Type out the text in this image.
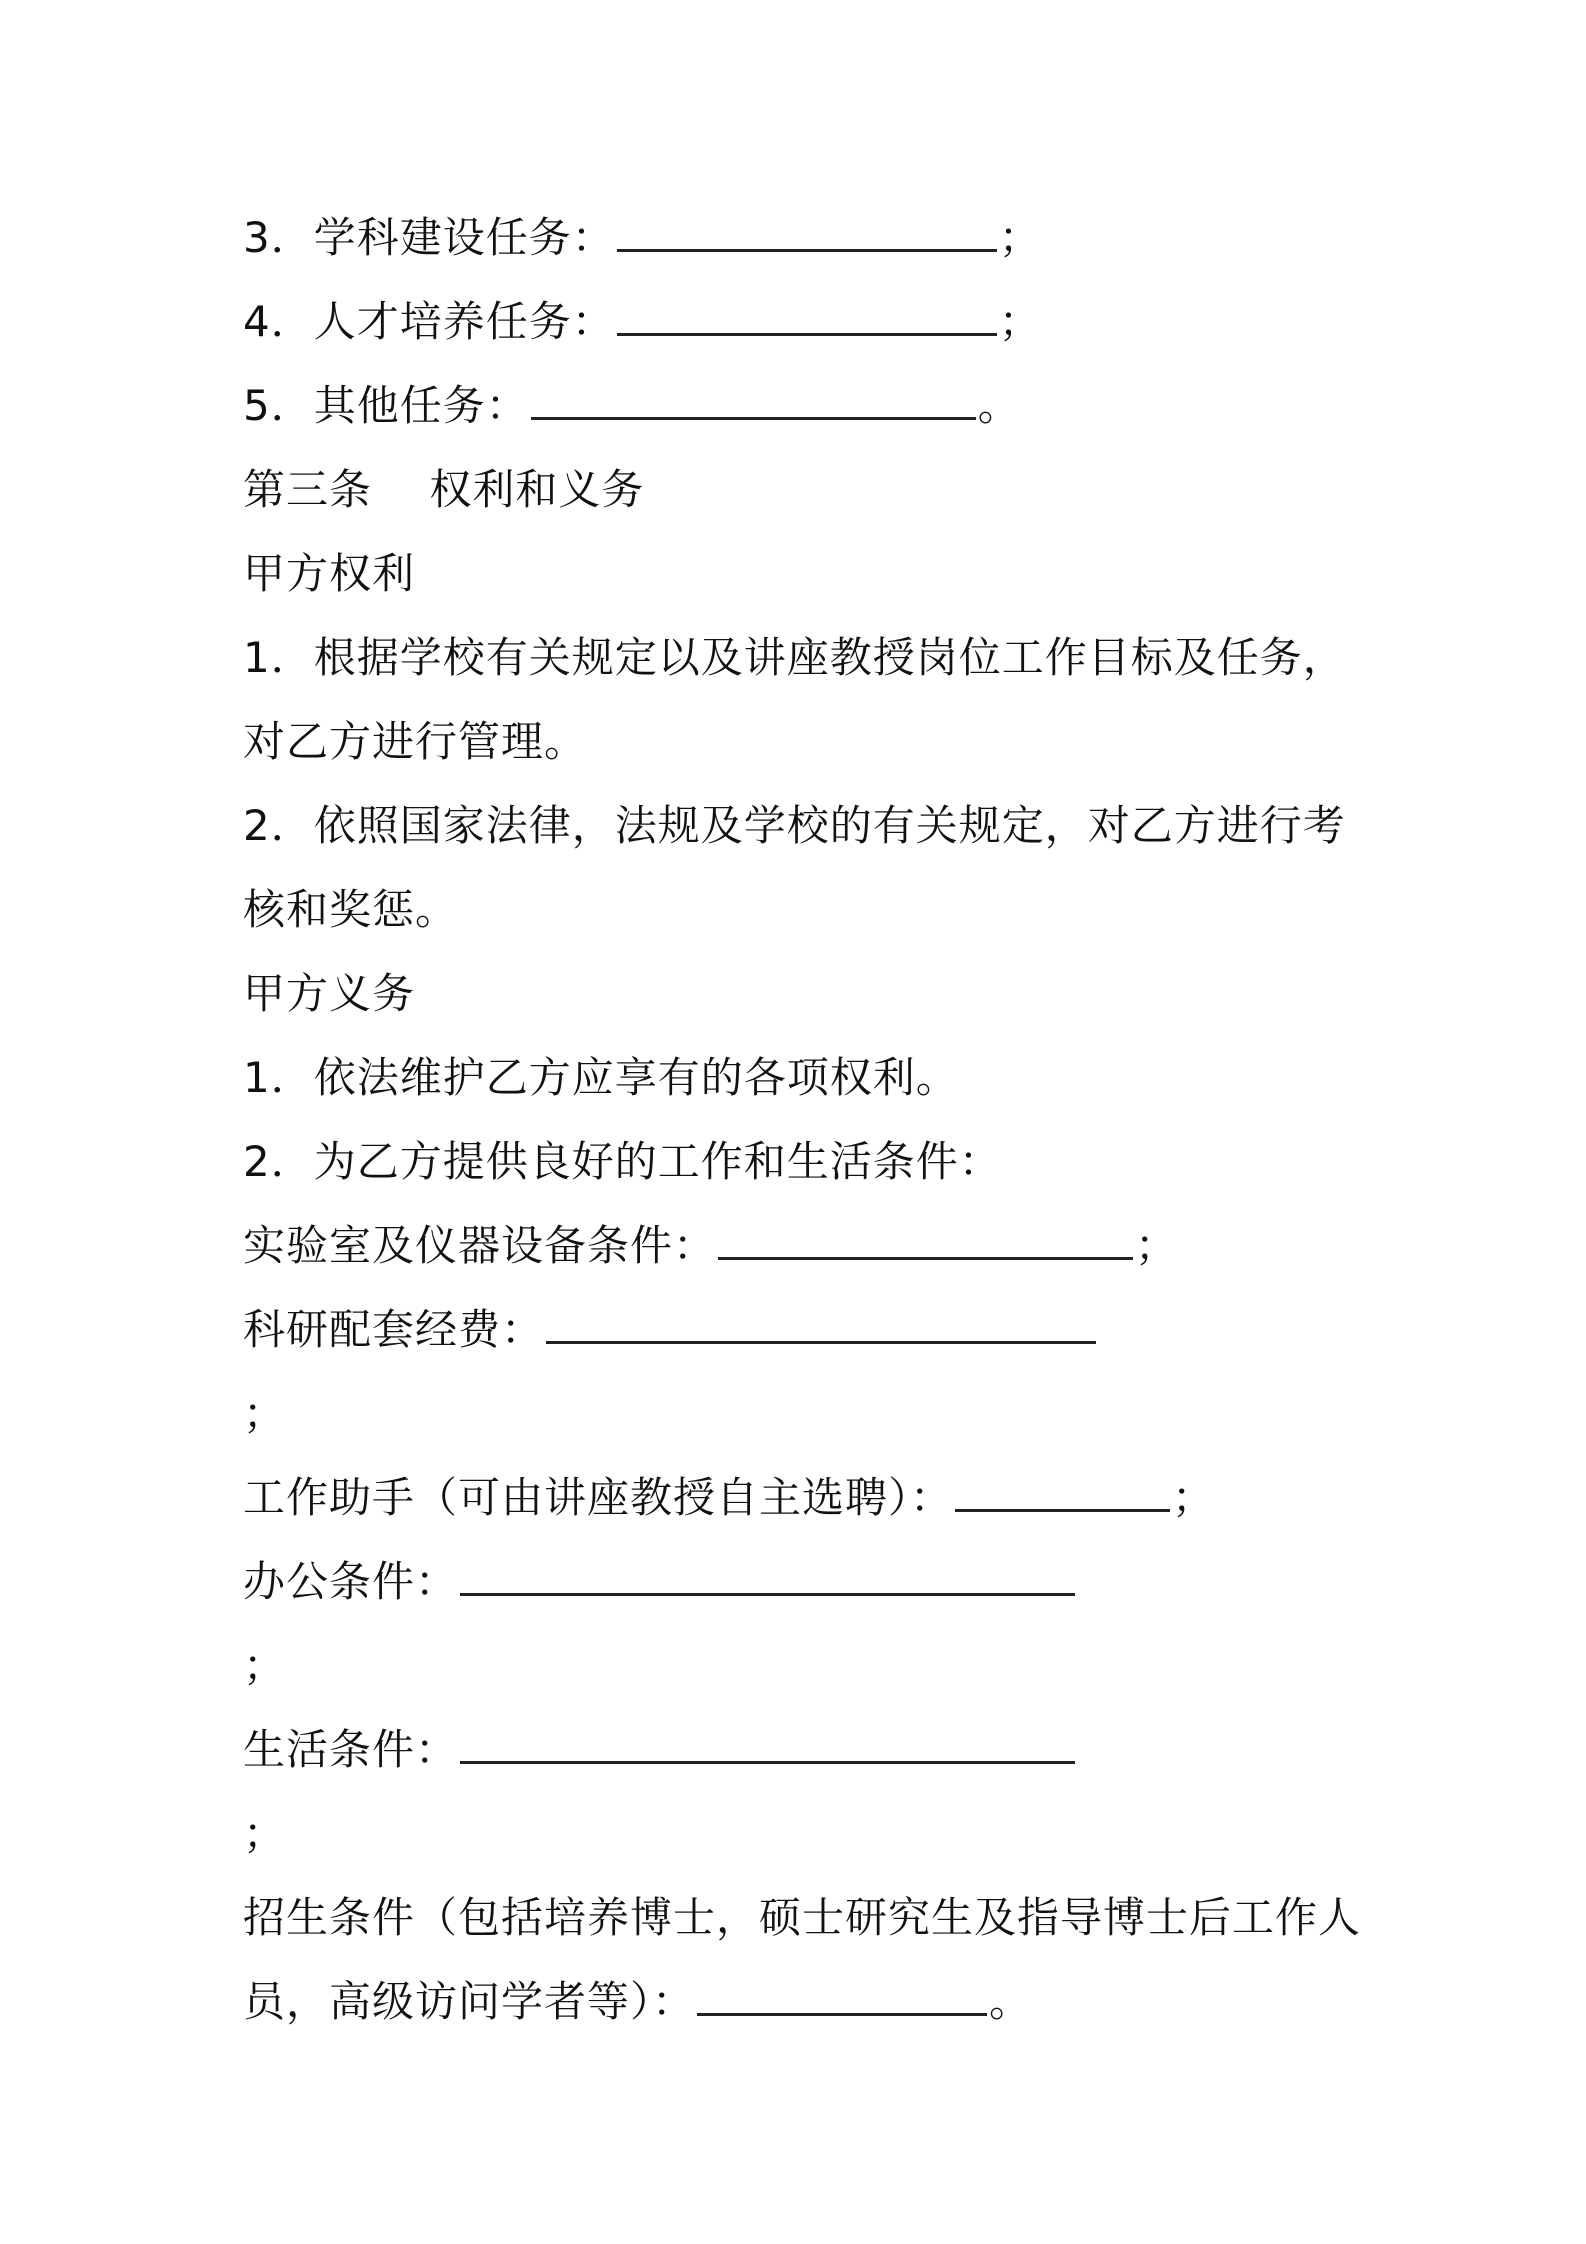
3．学科建设任务：	；
4．人才培养任务：	；
5．其他任务：	。
第三条　 权利和义务
甲方权利
1．根据学校有关规定以及讲座教授岗位工作目标及任务，
对乙方进行管理。
2．依照国家法律，法规及学校的有关规定，对乙方进行考
核和奖惩。
甲方义务
1．依法维护乙方应享有的各项权利。
2．为乙方提供良好的工作和生活条件：
实验室及仪器设备条件：	；
科研配套经费：
；
工作助手（可由讲座教授自主选聘）：	；
办公条件：
；
生活条件：
；
招生条件（包括培养博士，硕士研究生及指导博士后工作人
员，高级访问学者等）：	。
